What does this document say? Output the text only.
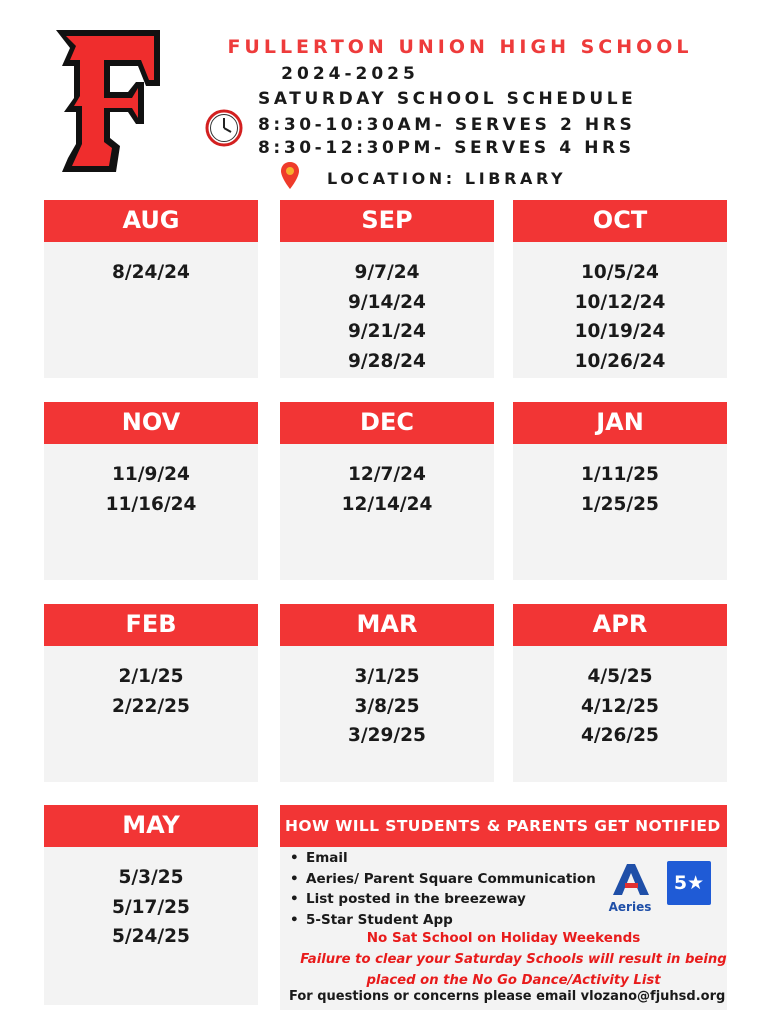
FULLERTON UNION HIGH SCHOOL
2024-2025
SATURDAY SCHOOL SCHEDULE
8:30-10:30AM- SERVES 2 HRS
8:30-12:30PM- SERVES 4 HRS
LOCATION: LIBRARY
AUG
8/24/24
SEP
9/7/24
9/14/24
9/21/24
9/28/24
OCT
10/5/24
10/12/24
10/19/24
10/26/24
NOV
11/9/24
11/16/24
DEC
12/7/24
12/14/24
JAN
1/11/25
1/25/25
FEB
2/1/25
2/22/25
MAR
3/1/25
3/8/25
3/29/25
APR
4/5/25
4/12/25
4/26/25
MAY
5/3/25
5/17/25
5/24/25
HOW WILL STUDENTS & PARENTS GET NOTIFIED
• Email
• Aeries/ Parent Square Communication
• List posted in the breezeway
• 5-Star Student App
Aeries
5★
No Sat School on Holiday Weekends
Failure to clear your Saturday Schools will result in being placed on the No Go Dance/Activity List
For questions or concerns please email vlozano@fjuhsd.org
